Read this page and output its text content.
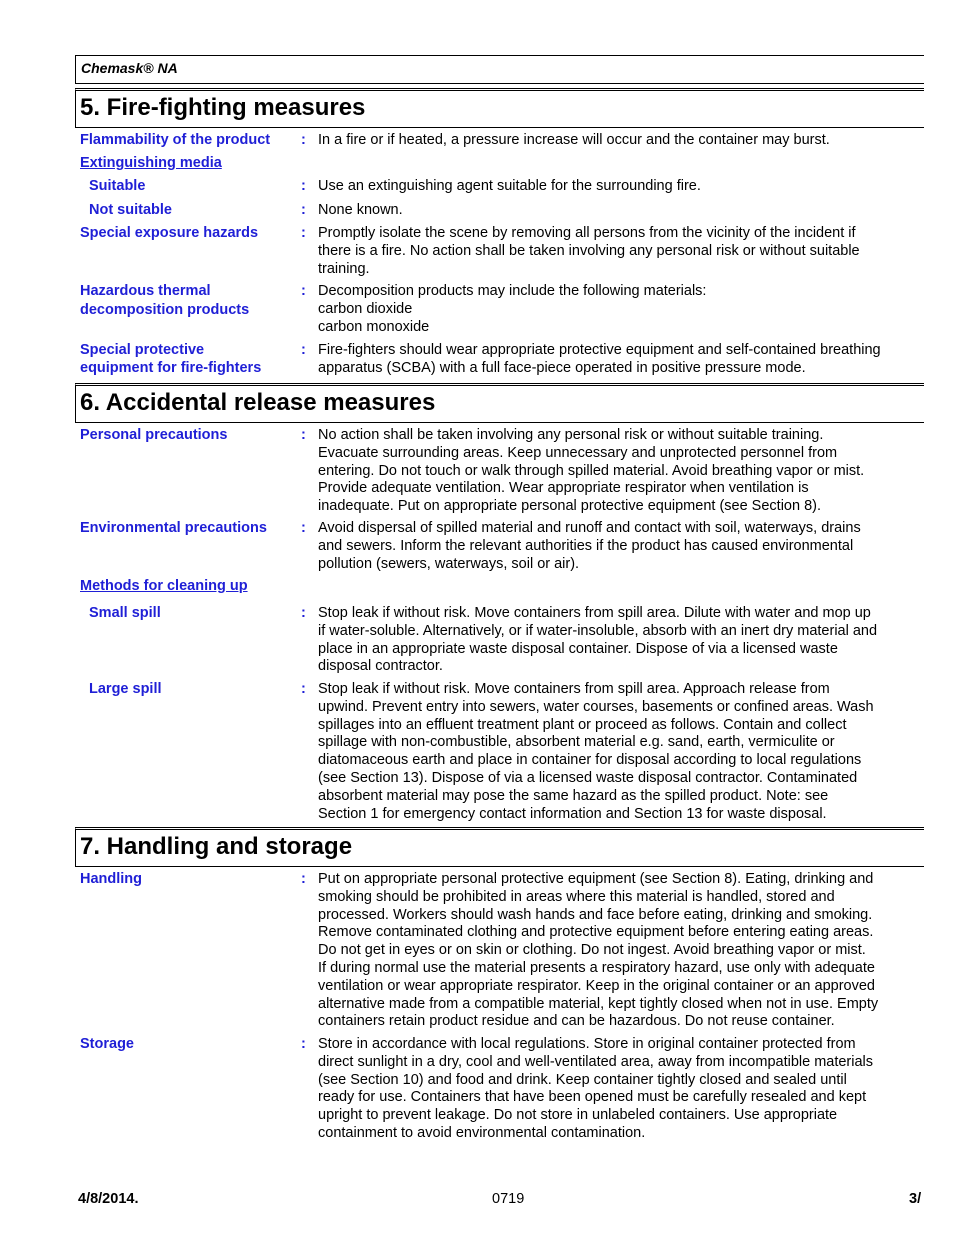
Chemask® NA
5. Fire-fighting measures
Flammability of the product	: In a fire or if heated, a pressure increase will occur and the container may burst.
Extinguishing media
Suitable	: Use an extinguishing agent suitable for the surrounding fire.
Not suitable	: None known.
Special exposure hazards	: Promptly isolate the scene by removing all persons from the vicinity of the incident if
there is a fire. No action shall be taken involving any personal risk or without suitable
training.
Hazardous thermal
decomposition products
: Decomposition products may include the following materials:
carbon dioxide
carbon monoxide
Special protective
equipment for fire-fighters
: Fire-fighters should wear appropriate protective equipment and self-contained breathing
apparatus (SCBA) with a full face-piece operated in positive pressure mode.
6. Accidental release measures
Personal precautions	: No action shall be taken involving any personal risk or without suitable training.
Evacuate surrounding areas. Keep unnecessary and unprotected personnel from
entering. Do not touch or walk through spilled material. Avoid breathing vapor or mist.
Provide adequate ventilation. Wear appropriate respirator when ventilation is
inadequate. Put on appropriate personal protective equipment (see Section 8).
Environmental precautions	: Avoid dispersal of spilled material and runoff and contact with soil, waterways, drains
and sewers. Inform the relevant authorities if the product has caused environmental
pollution (sewers, waterways, soil or air).
Methods for cleaning up
Small spill	: Stop leak if without risk. Move containers from spill area. Dilute with water and mop up
if water-soluble. Alternatively, or if water-insoluble, absorb with an inert dry material and
place in an appropriate waste disposal container. Dispose of via a licensed waste
disposal contractor.
Large spill	: Stop leak if without risk. Move containers from spill area. Approach release from
upwind. Prevent entry into sewers, water courses, basements or confined areas. Wash
spillages into an effluent treatment plant or proceed as follows. Contain and collect
spillage with non-combustible, absorbent material e.g. sand, earth, vermiculite or
diatomaceous earth and place in container for disposal according to local regulations
(see Section 13). Dispose of via a licensed waste disposal contractor. Contaminated
absorbent material may pose the same hazard as the spilled product. Note: see
Section 1 for emergency contact information and Section 13 for waste disposal.
7. Handling and storage
Handling	: Put on appropriate personal protective equipment (see Section 8). Eating, drinking and
smoking should be prohibited in areas where this material is handled, stored and
processed. Workers should wash hands and face before eating, drinking and smoking.
Remove contaminated clothing and protective equipment before entering eating areas.
Do not get in eyes or on skin or clothing. Do not ingest. Avoid breathing vapor or mist.
If during normal use the material presents a respiratory hazard, use only with adequate
ventilation or wear appropriate respirator. Keep in the original container or an approved
alternative made from a compatible material, kept tightly closed when not in use. Empty
containers retain product residue and can be hazardous. Do not reuse container.
Storage	: Store in accordance with local regulations. Store in original container protected from
direct sunlight in a dry, cool and well-ventilated area, away from incompatible materials
(see Section 10) and food and drink. Keep container tightly closed and sealed until
ready for use. Containers that have been opened must be carefully resealed and kept
upright to prevent leakage. Do not store in unlabeled containers. Use appropriate
containment to avoid environmental contamination.
4/8/2014.	0719	3/
